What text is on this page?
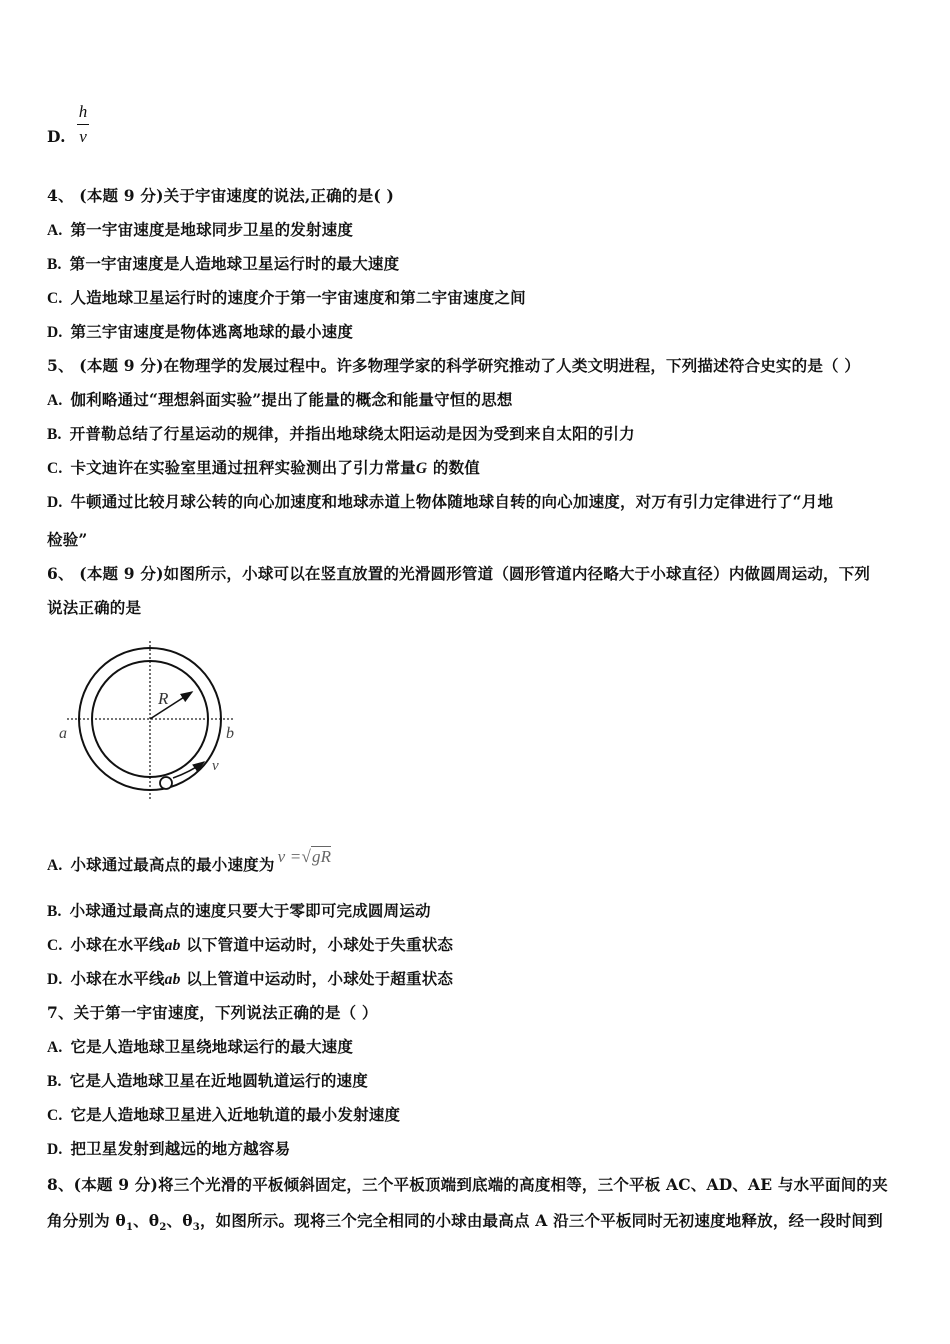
D.
h
v
4、 (本题 9 分)关于宇宙速度的说法,正确的是( )
A. 第一宇宙速度是地球同步卫星的发射速度
B. 第一宇宙速度是人造地球卫星运行时的最大速度
C. 人造地球卫星运行时的速度介于第一宇宙速度和第二宇宙速度之间
D. 第三宇宙速度是物体逃离地球的最小速度
5、 (本题 9 分)在物理学的发展过程中。许多物理学家的科学研究推动了人类文明进程，下列描述符合史实的是（ ）
A. 伽利略通过“理想斜面实验”提出了能量的概念和能量守恒的思想
B. 开普勒总结了行星运动的规律，并指出地球绕太阳运动是因为受到来自太阳的引力
C. 卡文迪许在实验室里通过扭秤实验测出了引力常量G 的数值
D. 牛顿通过比较月球公转的向心加速度和地球赤道上物体随地球自转的向心加速度，对万有引力定律进行了“月地
检验”
6、 (本题 9 分)如图所示，小球可以在竖直放置的光滑圆形管道（圆形管道内径略大于小球直径）内做圆周运动，下列
说法正确的是
a	b
R
v
A. 小球通过最高点的最小速度为 v =√gR
B. 小球通过最高点的速度只要大于零即可完成圆周运动
C. 小球在水平线ab 以下管道中运动时，小球处于失重状态
D. 小球在水平线ab 以上管道中运动时，小球处于超重状态
7、关于第一宇宙速度，下列说法正确的是（ ）
A. 它是人造地球卫星绕地球运行的最大速度
B. 它是人造地球卫星在近地圆轨道运行的速度
C. 它是人造地球卫星进入近地轨道的最小发射速度
D. 把卫星发射到越远的地方越容易
8、(本题 9 分)将三个光滑的平板倾斜固定，三个平板顶端到底端的高度相等，三个平板 AC、AD、AE 与水平面间的夹
角分别为 $\theta_1$、$\theta_2$、$\theta_3$，如图所示。现将三个完全相同的小球由最高点 A 沿三个平板同时无初速度地释放，经一段时间到
